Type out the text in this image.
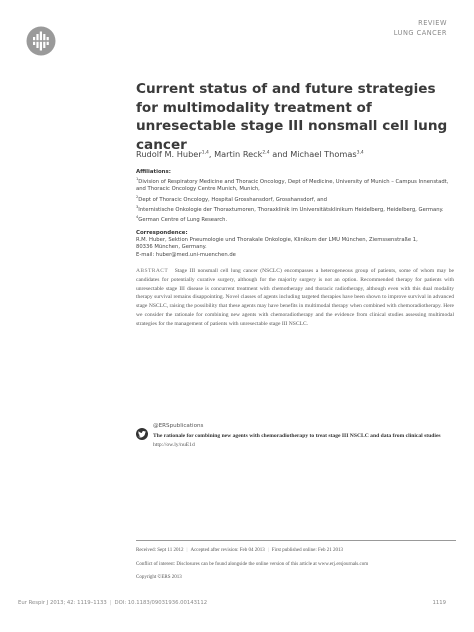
REVIEW
LUNG CANCER
Current status of and future strategies for multimodality treatment of unresectable stage III nonsmall cell lung cancer
Rudolf M. Huber$^{1,4}$, Martin Reck$^{2,4}$ and Michael Thomas$^{3,4}$
Affiliations:
$^1$Division of Respiratory Medicine and Thoracic Oncology, Dept of Medicine, University of Munich – Campus Innenstadt, and Thoracic Oncology Centre Munich, Munich,
$^2$Dept of Thoracic Oncology, Hospital Grosshansdorf, Grosshansdorf, and
$^3$Internistische Onkologie der Thoraxtumoren, Thoraxklinik im Universitätsklinikum Heidelberg, Heidelberg, Germany.
$^4$German Centre of Lung Research.
Correspondence:
R.M. Huber, Sektion Pneumologie und Thorakale Onkologie, Klinikum der LMU München, Ziemssenstraße 1,
80336 München, Germany.
E-mail: huber@med.uni-muenchen.de
ABSTRACT Stage III nonsmall cell lung cancer (NSCLC) encompasses a heterogeneous group of patients, some of whom may be candidates for potentially curative surgery, although for the majority surgery is not an option. Recommended therapy for patients with unresectable stage III disease is concurrent treatment with chemotherapy and thoracic radiotherapy, although even with this dual modality therapy survival remains disappointing. Novel classes of agents including targeted therapies have been shown to improve survival in advanced stage NSCLC, raising the possibility that these agents may have benefits in multimodal therapy when combined with chemoradiotherapy. Here we consider the rationale for combining new agents with chemoradiotherapy and the evidence from clinical studies assessing multimodal strategies for the management of patients with unresectable stage III NSCLC.
@ERSpublications
The rationale for combining new agents with chemoradiotherapy to treat stage III NSCLC and data from clinical studies http://ow.ly/nuE1d
Received: Sept 11 2012 | Accepted after revision: Feb 04 2013 | First published online: Feb 21 2013
Conflict of interest: Disclosures can be found alongside the online version of this article at www.erj.ersjournals.com
Copyright ©ERS 2013
Eur Respir J 2013; 42: 1119–1133 | DOI: 10.1183/09031936.00143112	1119
